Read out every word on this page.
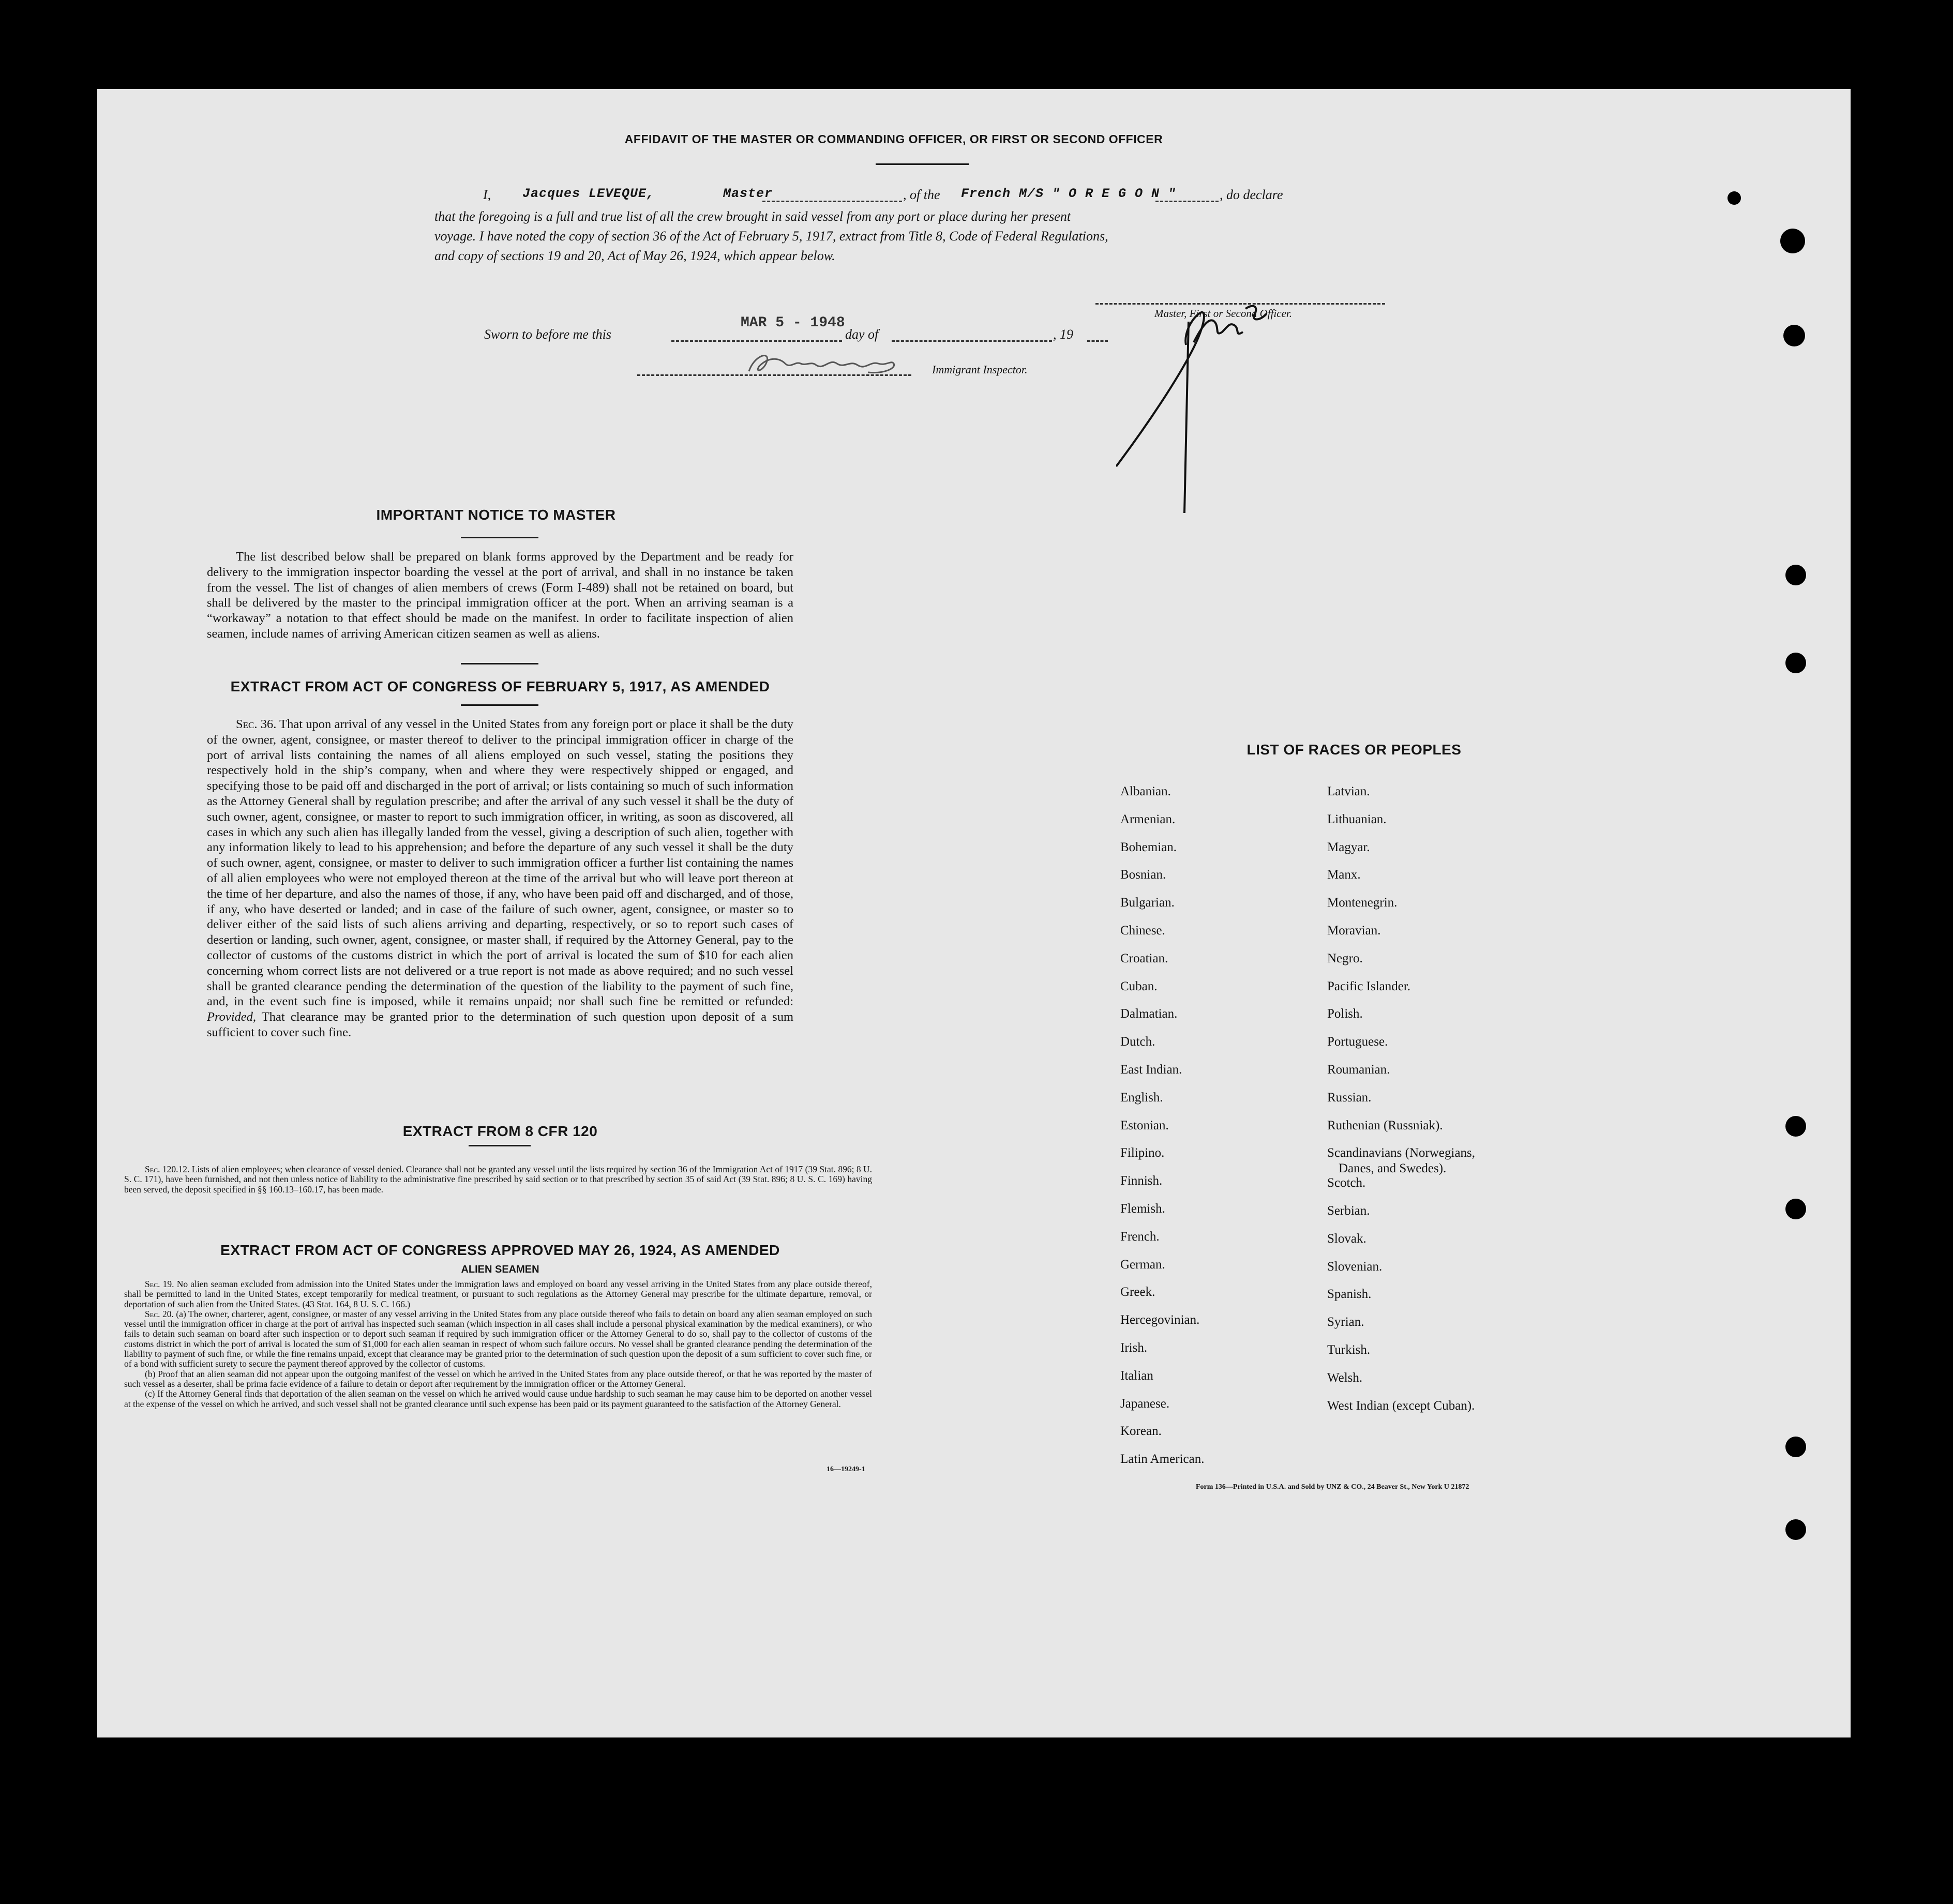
AFFIDAVIT OF THE MASTER OR COMMANDING OFFICER, OR FIRST OR SECOND OFFICER
I, Jacques LEVEQUE,	Master	, of the French M/S " O R E G O N "	, do declare
that the foregoing is a full and true list of all the crew brought in said vessel from any port or place during her present
voyage. I have noted the copy of section 36 of the Act of February 5, 1917, extract from Title 8, Code of Federal Regulations,
and copy of sections 19 and 20, Act of May 26, 1924, which appear below.
Master, First or Second Officer.
Sworn to before me this
MAR 5 - 1948
day of	, 19
Immigrant Inspector.
IMPORTANT NOTICE TO MASTER

The list described below shall be prepared on blank forms approved by the Department and be ready for delivery to the immigration inspector boarding the vessel at the port of arrival, and shall in no instance be taken from the vessel. The list of changes of alien members of crews (Form I-489) shall not be retained on board, but shall be delivered by the master to the principal immigration officer at the port. When an arriving seaman is a “workaway” a notation to that effect should be made on the manifest. In order to facilitate inspection of alien seamen, include names of arriving American citizen seamen as well as aliens.

EXTRACT FROM ACT OF CONGRESS OF FEBRUARY 5, 1917, AS AMENDED

Sec. 36. That upon arrival of any vessel in the United States from any foreign port or place it shall be the duty of the owner, agent, consignee, or master thereof to deliver to the principal immigration officer in charge of the port of arrival lists containing the names of all aliens employed on such vessel, stating the positions they respectively hold in the ship’s company, when and where they were respectively shipped or engaged, and specifying those to be paid off and discharged in the port of arrival; or lists containing so much of such information as the Attorney General shall by regulation prescribe; and after the arrival of any such vessel it shall be the duty of such owner, agent, consignee, or master to report to such immigration officer, in writing, as soon as discovered, all cases in which any such alien has illegally landed from the vessel, giving a description of such alien, together with any information likely to lead to his apprehension; and before the departure of any such vessel it shall be the duty of such owner, agent, consignee, or master to deliver to such immigration officer a further list containing the names of all alien employees who were not employed thereon at the time of the arrival but who will leave port thereon at the time of her departure, and also the names of those, if any, who have been paid off and discharged, and of those, if any, who have deserted or landed; and in case of the failure of such owner, agent, consignee, or master so to deliver either of the said lists of such aliens arriving and departing, respectively, or so to report such cases of desertion or landing, such owner, agent, consignee, or master shall, if required by the Attorney General, pay to the collector of customs of the customs district in which the port of arrival is located the sum of $10 for each alien concerning whom correct lists are not delivered or a true report is not made as above required; and no such vessel shall be granted clearance pending the determination of the question of the liability to the payment of such fine, and, in the event such fine is imposed, while it remains unpaid; nor shall such fine be remitted or refunded: Provided, That clearance may be granted prior to the determination of such question upon deposit of a sum sufficient to cover such fine.

EXTRACT FROM 8 CFR 120

Sec. 120.12. Lists of alien employees; when clearance of vessel denied. Clearance shall not be granted any vessel until the lists required by section 36 of the Immigration Act of 1917 (39 Stat. 896; 8 U. S. C. 171), have been furnished, and not then unless notice of liability to the administrative fine prescribed by said section or to that prescribed by section 35 of said Act (39 Stat. 896; 8 U. S. C. 169) having been served, the deposit specified in §§ 160.13–160.17, has been made.

EXTRACT FROM ACT OF CONGRESS APPROVED MAY 26, 1924, AS AMENDED
ALIEN SEAMEN

Sec. 19. No alien seaman excluded from admission into the United States under the immigration laws and employed on board any vessel arriving in the United States from any place outside thereof, shall be permitted to land in the United States, except temporarily for medical treatment, or pursuant to such regulations as the Attorney General may prescribe for the ultimate departure, removal, or deportation of such alien from the United States. (43 Stat. 164, 8 U. S. C. 166.)

Sec. 20. (a) The owner, charterer, agent, consignee, or master of any vessel arriving in the United States from any place outside thereof who fails to detain on board any alien seaman employed on such vessel until the immigration officer in charge at the port of arrival has inspected such seaman (which inspection in all cases shall include a personal physical examination by the medical examiners), or who fails to detain such seaman on board after such inspection or to deport such seaman if required by such immigration officer or the Attorney General to do so, shall pay to the collector of customs of the customs district in which the port of arrival is located the sum of $1,000 for each alien seaman in respect of whom such failure occurs. No vessel shall be granted clearance pending the determination of the liability to payment of such fine, or while the fine remains unpaid, except that clearance may be granted prior to the determination of such question upon the deposit of a sum sufficient to cover such fine, or of a bond with sufficient surety to secure the payment thereof approved by the collector of customs.

(b) Proof that an alien seaman did not appear upon the outgoing manifest of the vessel on which he arrived in the United States from any place outside thereof, or that he was reported by the master of such vessel as a deserter, shall be prima facie evidence of a failure to detain or deport after requirement by the immigration officer or the Attorney General.

(c) If the Attorney General finds that deportation of the alien seaman on the vessel on which he arrived would cause undue hardship to such seaman he may cause him to be deported on another vessel at the expense of the vessel on which he arrived, and such vessel shall not be granted clearance until such expense has been paid or its payment guaranteed to the satisfaction of the Attorney General.

16—19249-1
LIST OF RACES OR PEOPLES
Form 136—Printed in U.S.A. and Sold by UNZ & CO., 24 Beaver St., New York U 21872
Albanian.
Armenian.
Bohemian.
Bosnian.
Bulgarian.
Chinese.
Croatian.
Cuban.
Dalmatian.
Dutch.
East Indian.
English.
Estonian.
Filipino.
Finnish.
Flemish.
French.
German.
Greek.
Hercegovinian.
Irish.
Italian
Japanese.
Korean.
Latin American.
Latvian.
Lithuanian.
Magyar.
Manx.
Montenegrin.
Moravian.
Negro.
Pacific Islander.
Polish.
Portuguese.
Roumanian.
Russian.
Ruthenian (Russniak).
Scandinavians (Norwegians,
Danes, and Swedes).
Scotch.
Serbian.
Slovak.
Slovenian.
Spanish.
Syrian.
Turkish.
Welsh.
West Indian (except Cuban).
